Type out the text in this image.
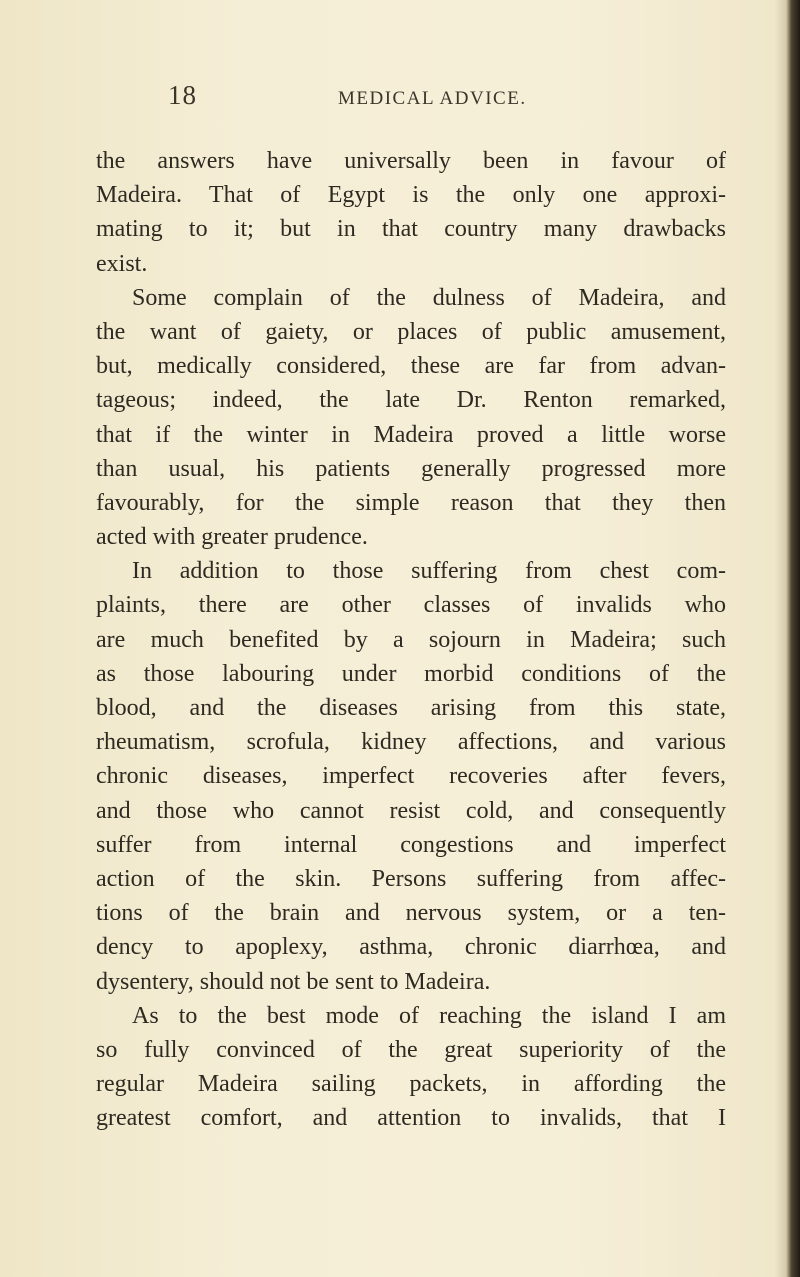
18	MEDICAL ADVICE.
the answers have universally been in favour of
Madeira. That of Egypt is the only one approxi-
mating to it; but in that country many drawbacks
exist.
Some complain of the dulness of Madeira, and
the want of gaiety, or places of public amusement,
but, medically considered, these are far from advan-
tageous; indeed, the late Dr. Renton remarked,
that if the winter in Madeira proved a little worse
than usual, his patients generally progressed more
favourably, for the simple reason that they then
acted with greater prudence.
In addition to those suffering from chest com-
plaints, there are other classes of invalids who
are much benefited by a sojourn in Madeira; such
as those labouring under morbid conditions of the
blood, and the diseases arising from this state,
rheumatism, scrofula, kidney affections, and various
chronic diseases, imperfect recoveries after fevers,
and those who cannot resist cold, and consequently
suffer from internal congestions and imperfect
action of the skin. Persons suffering from affec-
tions of the brain and nervous system, or a ten-
dency to apoplexy, asthma, chronic diarrhœa, and
dysentery, should not be sent to Madeira.
As to the best mode of reaching the island I am
so fully convinced of the great superiority of the
regular Madeira sailing packets, in affording the
greatest comfort, and attention to invalids, that I
